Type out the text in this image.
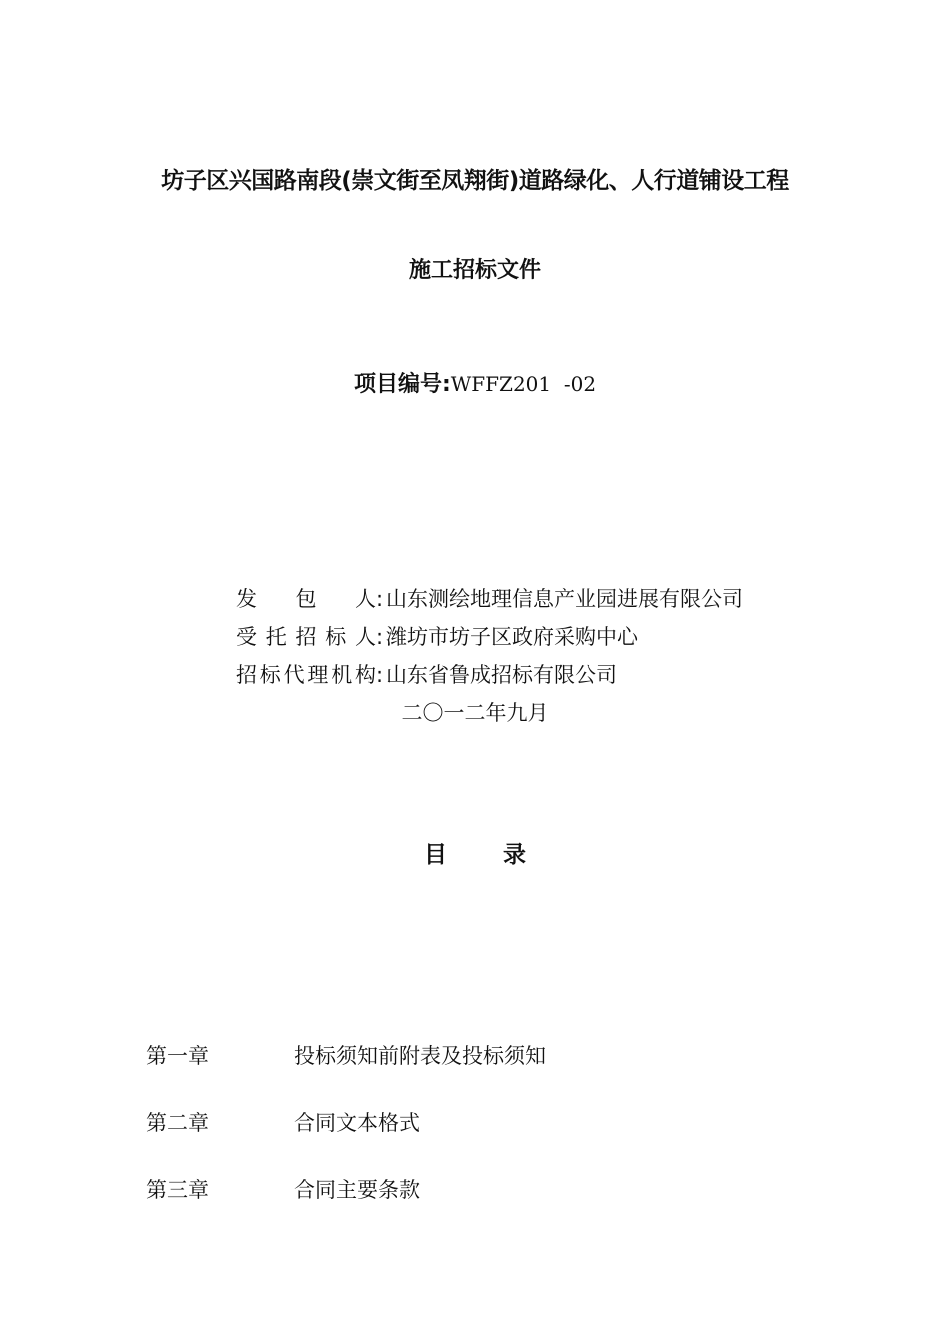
坊子区兴国路南段(崇文街至凤翔街)道路绿化、人行道铺设工程
施工招标文件
项目编号:WFFZ201  -02
发包人 : 山东测绘地理信息产业园进展有限公司
受托招标人 : 潍坊市坊子区政府采购中心
招标代理机构 : 山东省鲁成招标有限公司
二〇一二年九月
目 录
第一章	投标须知前附表及投标须知
第二章	合同文本格式
第三章	合同主要条款
